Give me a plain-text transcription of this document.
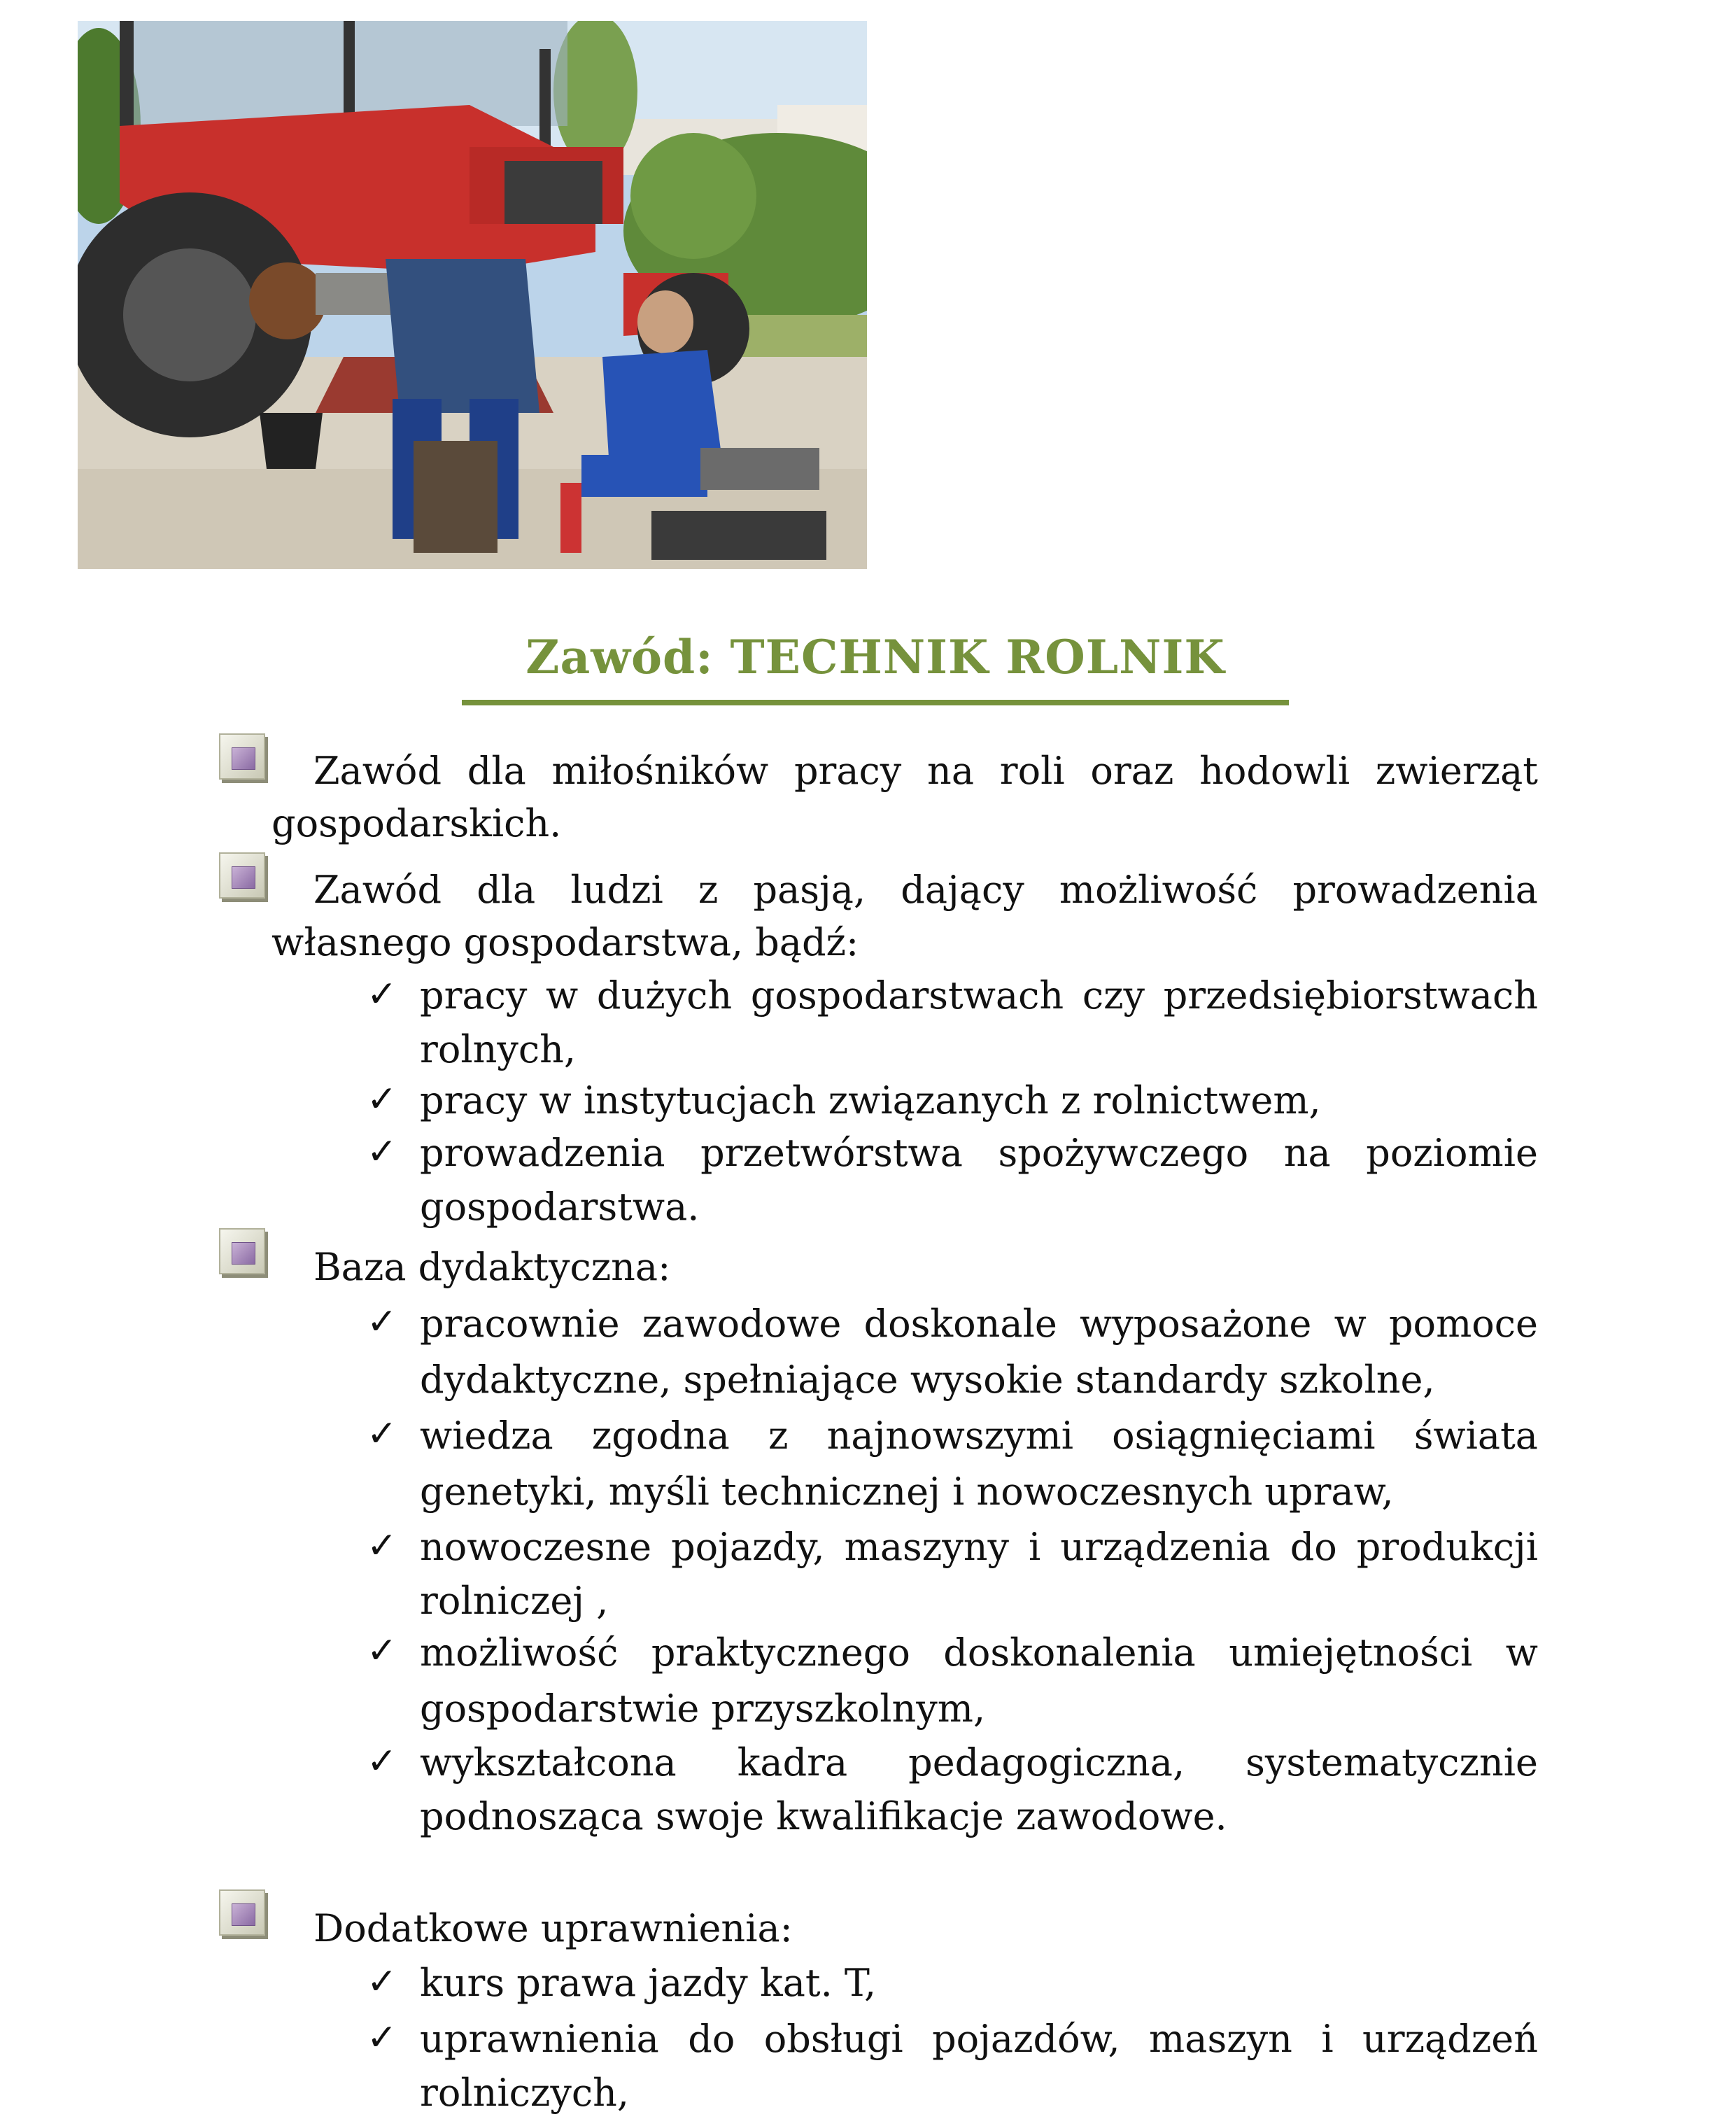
Zawód: TECHNIK ROLNIK
Zawód dla miłośników pracy na roli oraz hodowli zwierząt gospodarskich.
Zawód dla ludzi z pasją, dający możliwość prowadzenia własnego gospodarstwa, bądź:
✓ pracy w dużych gospodarstwach czy przedsiębiorstwach rolnych,
✓ pracy w instytucjach związanych z rolnictwem,
✓ prowadzenia przetwórstwa spożywczego na poziomie gospodarstwa.
Baza dydaktyczna:
✓ pracownie zawodowe doskonale wyposażone w pomoce dydaktyczne, spełniające wysokie standardy szkolne,
✓ wiedza zgodna z najnowszymi osiągnięciami świata genetyki, myśli technicznej i nowoczesnych upraw,
✓ nowoczesne pojazdy, maszyny i urządzenia do produkcji rolniczej ,
✓ możliwość praktycznego doskonalenia umiejętności w gospodarstwie przyszkolnym,
✓ wykształcona kadra pedagogiczna, systematycznie podnosząca swoje kwalifikacje zawodowe.
Dodatkowe uprawnienia:
✓ kurs prawa jazdy kat. T,
✓ uprawnienia do obsługi pojazdów, maszyn i urządzeń rolniczych,
